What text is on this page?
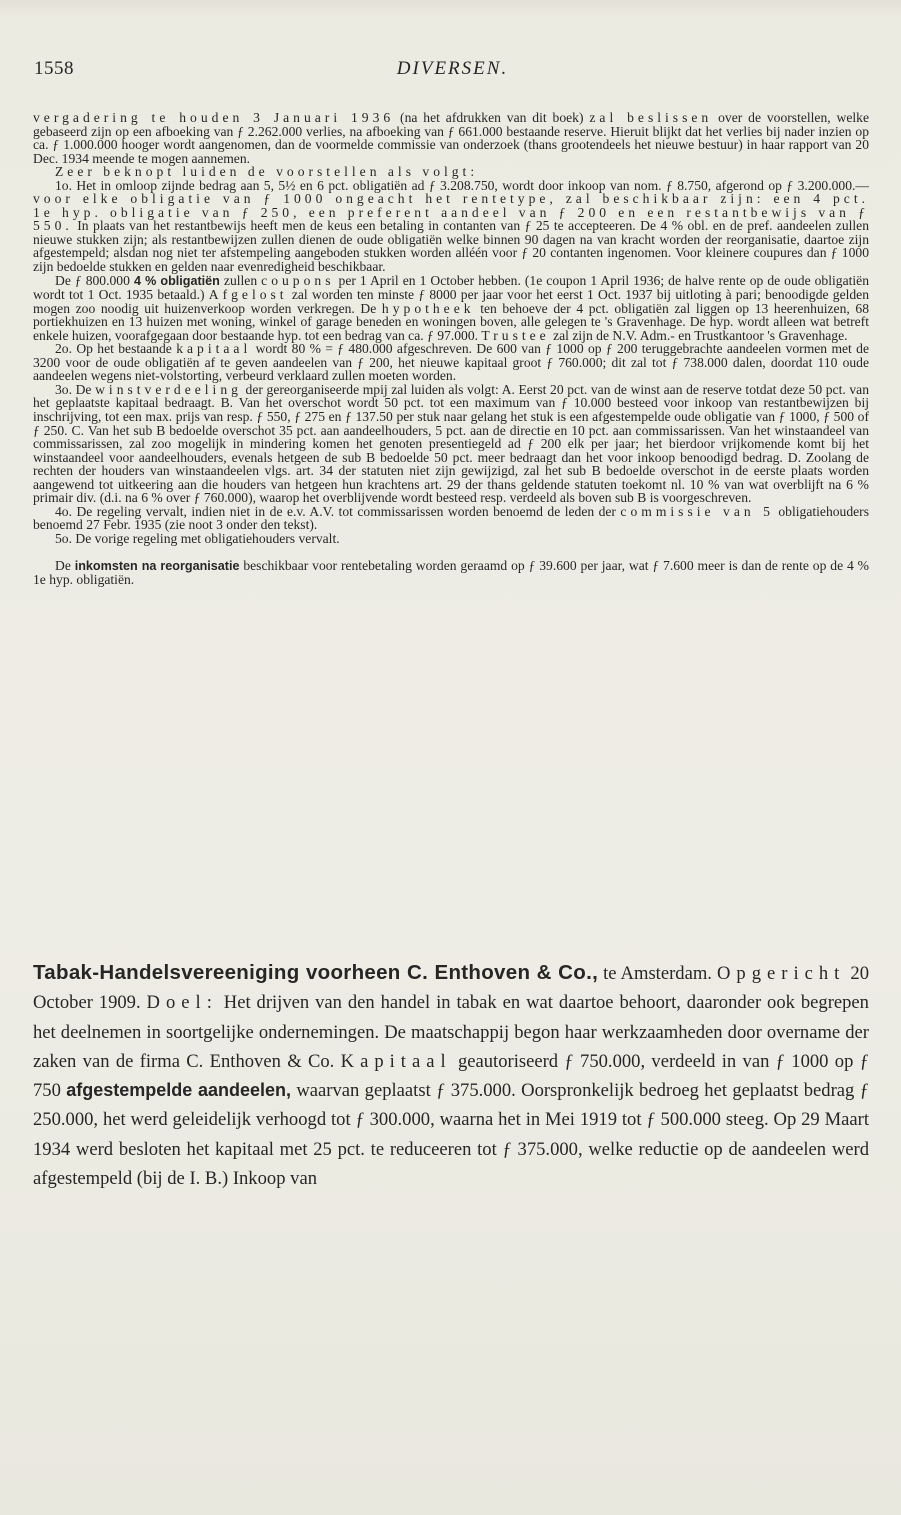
1558	DIVERSEN.

vergadering te houden 3 Januari 1936 (na het afdrukken van dit boek) zal beslissen over de voorstellen, welke gebaseerd zijn op een afboeking van ƒ 2.262.000 verlies, na afboeking van ƒ 661.000 bestaande reserve. Hieruit blijkt dat het verlies bij nader inzien op ca. ƒ 1.000.000 hooger wordt aangenomen, dan de voormelde commissie van onderzoek (thans grootendeels het nieuwe bestuur) in haar rapport van 20 Dec. 1934 meende te mogen aannemen.

Zeer beknopt luiden de voorstellen als volgt:

1o. Het in omloop zijnde bedrag aan 5, 5½ en 6 pct. obligatiën ad ƒ 3.208.750, wordt door inkoop van nom. ƒ 8.750, afgerond op ƒ 3.200.000.— voor elke obligatie van ƒ 1000 ongeacht het rentetype, zal beschikbaar zijn: een 4 pct. 1e hyp. obligatie van ƒ 250, een preferent aandeel van ƒ 200 en een restantbewijs van ƒ 550. In plaats van het restantbewijs heeft men de keus een betaling in contanten van ƒ 25 te accepteeren. De 4 % obl. en de pref. aandeelen zullen nieuwe stukken zijn; als restantbewijzen zullen dienen de oude obligatiën welke binnen 90 dagen na van kracht worden der reorganisatie, daartoe zijn afgestempeld; alsdan nog niet ter afstempeling aangeboden stukken worden alléén voor ƒ 20 contanten ingenomen. Voor kleinere coupures dan ƒ 1000 zijn bedoelde stukken en gelden naar evenredigheid beschikbaar.

De ƒ 800.000 4 % obligatiën zullen coupons per 1 April en 1 October hebben. (1e coupon 1 April 1936; de halve rente op de oude obligatiën wordt tot 1 Oct. 1935 betaald.) Afgelost zal worden ten minste ƒ 8000 per jaar voor het eerst 1 Oct. 1937 bij uitloting à pari; benoodigde gelden mogen zoo noodig uit huizenverkoop worden verkregen. De hypotheek ten behoeve der 4 pct. obligatiën zal liggen op 13 heerenhuizen, 68 portiekhuizen en 13 huizen met woning, winkel of garage beneden en woningen boven, alle gelegen te 's Gravenhage. De hyp. wordt alleen wat betreft enkele huizen, voorafgegaan door bestaande hyp. tot een bedrag van ca. ƒ 97.000. Trustee zal zijn de N.V. Adm.- en Trustkantoor 's Gravenhage.

2o. Op het bestaande kapitaal wordt 80 % = ƒ 480.000 afgeschreven. De 600 van ƒ 1000 op ƒ 200 teruggebrachte aandeelen vormen met de 3200 voor de oude obligatiën af te geven aandeelen van ƒ 200, het nieuwe kapitaal groot ƒ 760.000; dit zal tot ƒ 738.000 dalen, doordat 110 oude aandeelen wegens niet-volstorting, verbeurd verklaard zullen moeten worden.

3o. De winstverdeeling der gereorganiseerde mpij zal luiden als volgt: A. Eerst 20 pct. van de winst aan de reserve totdat deze 50 pct. van het geplaatste kapitaal bedraagt. B. Van het overschot wordt 50 pct. tot een maximum van ƒ 10.000 besteed voor inkoop van restantbewijzen bij inschrijving, tot een max. prijs van resp. ƒ 550, ƒ 275 en ƒ 137.50 per stuk naar gelang het stuk is een afgestempelde oude obligatie van ƒ 1000, ƒ 500 of ƒ 250. C. Van het sub B bedoelde overschot 35 pct. aan aandeelhouders, 5 pct. aan de directie en 10 pct. aan commissarissen. Van het winstaandeel van commissarissen, zal zoo mogelijk in mindering komen het genoten presentiegeld ad ƒ 200 elk per jaar; het bierdoor vrijkomende komt bij het winstaandeel voor aandeelhouders, evenals hetgeen de sub B bedoelde 50 pct. meer bedraagt dan het voor inkoop benoodigd bedrag. D. Zoolang de rechten der houders van winstaandeelen vlgs. art. 34 der statuten niet zijn gewijzigd, zal het sub B bedoelde overschot in de eerste plaats worden aangewend tot uitkeering aan die houders van hetgeen hun krachtens art. 29 der thans geldende statuten toekomt nl. 10 % van wat overblijft na 6 % primair div. (d.i. na 6 % over ƒ 760.000), waarop het overblijvende wordt besteed resp. verdeeld als boven sub B is voorgeschreven.

4o. De regeling vervalt, indien niet in de e.v. A.V. tot commissarissen worden benoemd de leden der commissie van 5 obligatiehouders benoemd 27 Febr. 1935 (zie noot 3 onder den tekst).

5o. De vorige regeling met obligatiehouders vervalt.

De inkomsten na reorganisatie beschikbaar voor rentebetaling worden geraamd op ƒ 39.600 per jaar, wat ƒ 7.600 meer is dan de rente op de 4 % 1e hyp. obligatiën.

Tabak-Handelsvereeniging voorheen C. Enthoven & Co., te Amsterdam. Opgericht 20 October 1909. Doel: Het drijven van den handel in tabak en wat daartoe behoort, daaronder ook begrepen het deelnemen in soortgelijke ondernemingen. De maatschappij begon haar werkzaamheden door overname der zaken van de firma C. Enthoven & Co. Kapitaal geautoriseerd ƒ 750.000, verdeeld in van ƒ 1000 op ƒ 750 afgestempelde aandeelen, waarvan geplaatst ƒ 375.000. Oorspronkelijk bedroeg het geplaatst bedrag ƒ 250.000, het werd geleidelijk verhoogd tot ƒ 300.000, waarna het in Mei 1919 tot ƒ 500.000 steeg. Op 29 Maart 1934 werd besloten het kapitaal met 25 pct. te reduceeren tot ƒ 375.000, welke reductie op de aandeelen werd afgestempeld (bij de I. B.) Inkoop van
